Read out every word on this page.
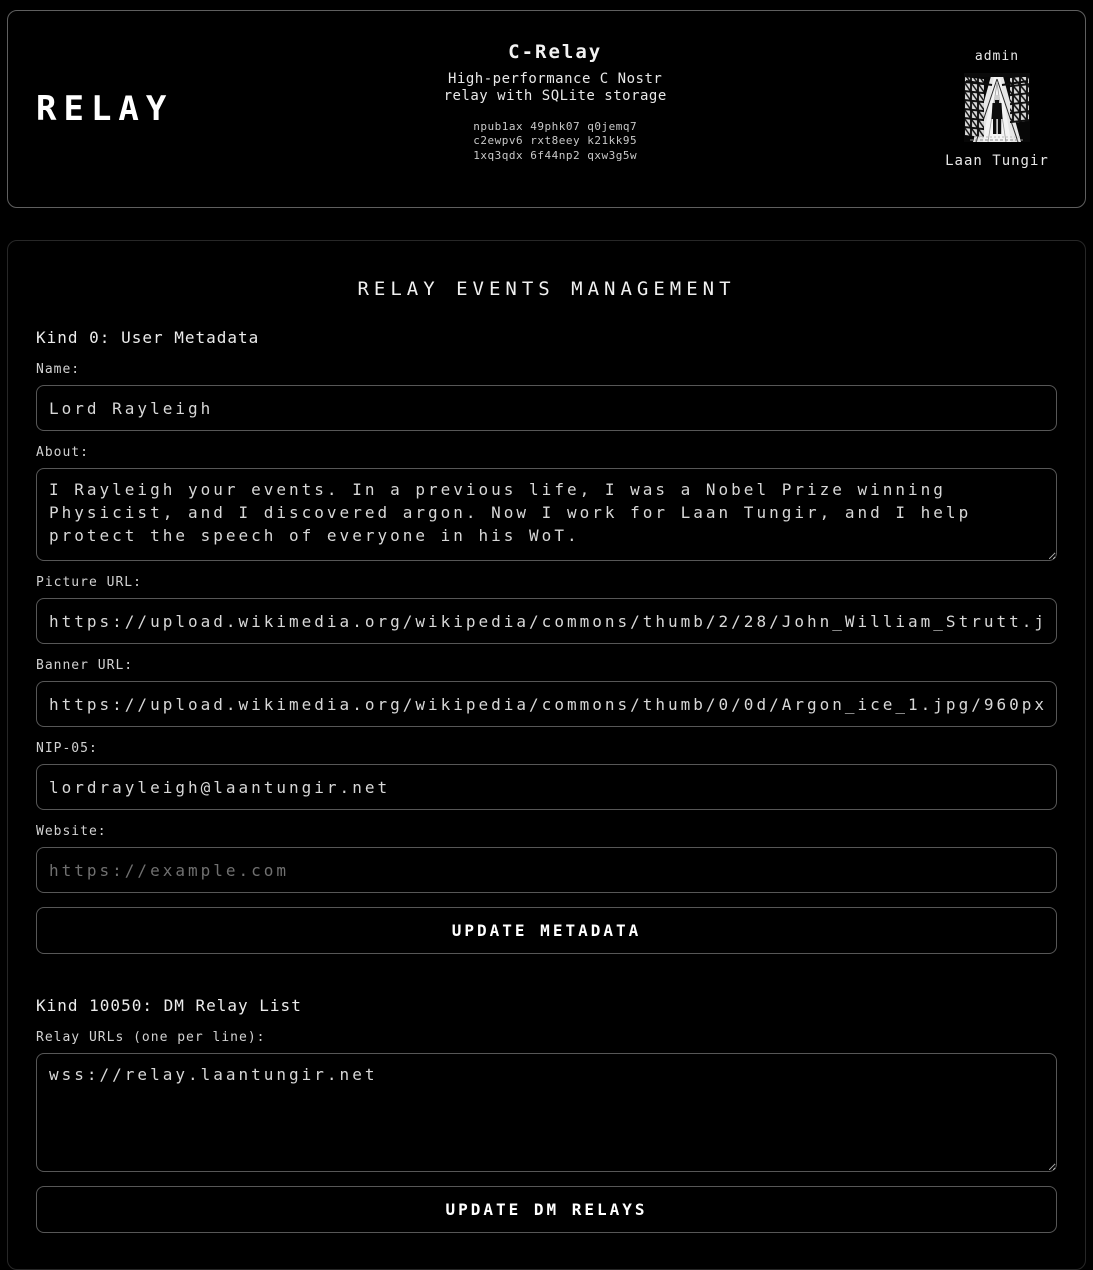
RELAY
C-Relay
High-performance C Nostr relay with SQLite storage
npub1ax 49phk07 q0jemq7
c2ewpv6 rxt8eey k21kk95
1xq3qdx 6f44np2 qxw3g5w
admin
Laan Tungir
RELAY EVENTS MANAGEMENT
Kind 0: User Metadata
Name:
Lord Rayleigh
About:
I Rayleigh your events. In a previous life, I was a Nobel Prize winning Physicist, and I discovered argon. Now I work for Laan Tungir, and I help protect the speech of everyone in his WoT.
Picture URL:
https://upload.wikimedia.org/wikipedia/commons/thumb/2/28/John_William_Strutt.jpg
Banner URL:
https://upload.wikimedia.org/wikipedia/commons/thumb/0/0d/Argon_ice_1.jpg/960px-
NIP-05:
lordrayleigh@laantungir.net
Website:
https://example.com
UPDATE METADATA
Kind 10050: DM Relay List
Relay URLs (one per line):
wss://relay.laantungir.net
UPDATE DM RELAYS
